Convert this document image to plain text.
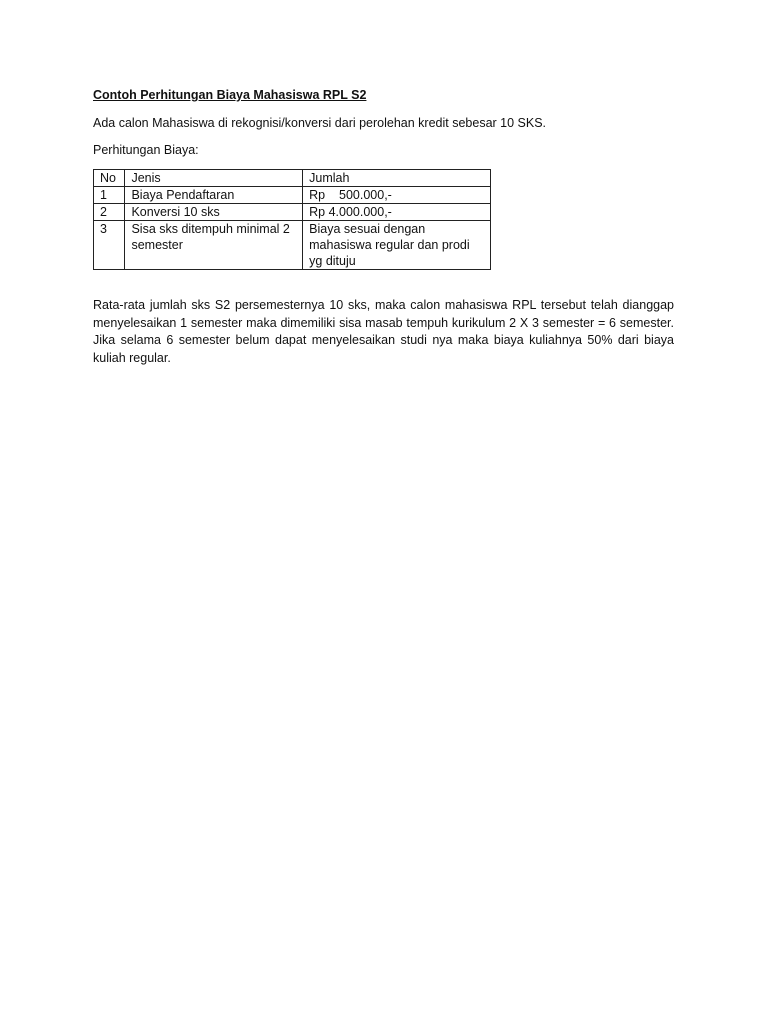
Contoh Perhitungan Biaya Mahasiswa RPL S2
Ada calon Mahasiswa di rekognisi/konversi dari perolehan kredit sebesar 10 SKS.
Perhitungan Biaya:
No	Jenis	Jumlah
1	Biaya Pendaftaran	Rp    500.000,-
2	Konversi 10 sks	Rp 4.000.000,-
3	Sisa sks ditempuh minimal 2 semester	Biaya sesuai dengan mahasiswa regular dan prodi yg dituju
Rata-rata jumlah sks S2 persemesternya 10 sks, maka calon mahasiswa RPL tersebut telah dianggap menyelesaikan 1 semester maka dimemiliki sisa masab tempuh kurikulum 2 X 3 semester = 6 semester. Jika selama 6 semester belum dapat menyelesaikan studi nya maka biaya kuliahnya 50% dari biaya kuliah regular.
